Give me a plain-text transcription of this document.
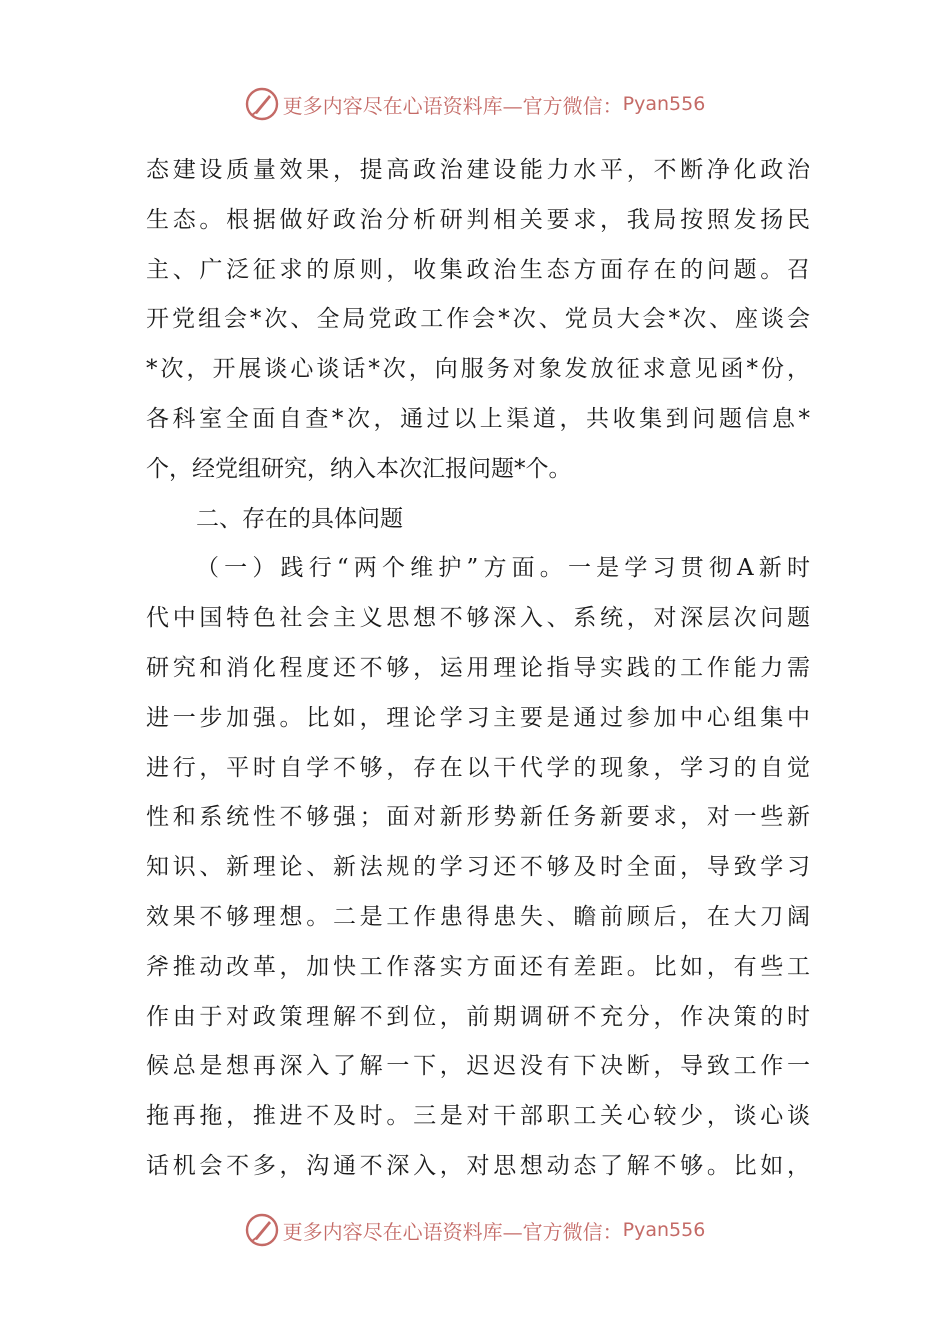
更多内容尽在心语资料库—官方微信： Pyan556
态建设质量效果，提高政治建设能力水平，不断净化政治
生态。根据做好政治分析研判相关要求，我局按照发扬民
主、广泛征求的原则，收集政治生态方面存在的问题。召
开党组会*次、全局党政工作会*次、党员大会*次、座谈会
*次，开展谈心谈话*次，向服务对象发放征求意见函*份，
各科室全面自查*次，通过以上渠道，共收集到问题信息*
个，经党组研究，纳入本次汇报问题*个。
二、存在的具体问题
（一）践行“两个维护”方面。一是学习贯彻A新时
代中国特色社会主义思想不够深入、系统，对深层次问题
研究和消化程度还不够，运用理论指导实践的工作能力需
进一步加强。比如，理论学习主要是通过参加中心组集中
进行，平时自学不够，存在以干代学的现象，学习的自觉
性和系统性不够强；面对新形势新任务新要求，对一些新
知识、新理论、新法规的学习还不够及时全面，导致学习
效果不够理想。二是工作患得患失、瞻前顾后，在大刀阔
斧推动改革，加快工作落实方面还有差距。比如，有些工
作由于对政策理解不到位，前期调研不充分，作决策的时
候总是想再深入了解一下，迟迟没有下决断，导致工作一
拖再拖，推进不及时。三是对干部职工关心较少，谈心谈
话机会不多，沟通不深入，对思想动态了解不够。比如，
更多内容尽在心语资料库—官方微信： Pyan556
